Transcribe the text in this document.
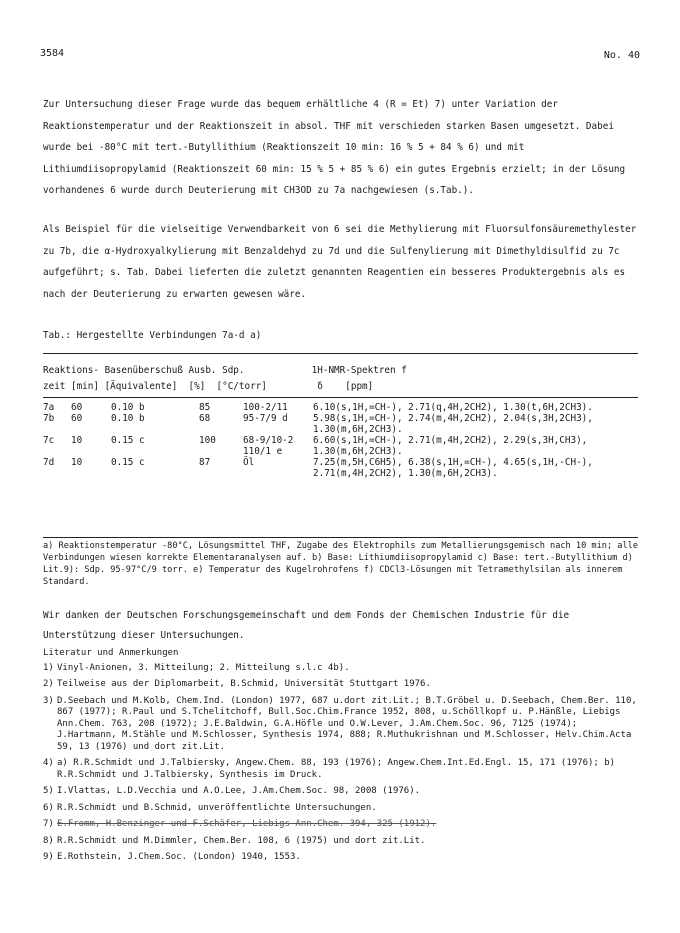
3584	No. 40
Zur Untersuchung dieser Frage wurde das bequem erhältliche 4 (R = Et) 7) unter Variation der Reaktionstemperatur und der Reaktionszeit in absol. THF mit verschieden starken Basen umgesetzt. Dabei wurde bei -80°C mit tert.-Butyllithium (Reaktionszeit 10 min: 16 % 5 + 84 % 6) und mit Lithiumdiisopropylamid (Reaktionszeit 60 min: 15 % 5 + 85 % 6) ein gutes Ergebnis erzielt; in der Lösung vorhandenes 6 wurde durch Deuterierung mit CH3OD zu 7a nachgewiesen (s.Tab.).
Als Beispiel für die vielseitige Verwendbarkeit von 6 sei die Methylierung mit Fluorsulfonsäuremethylester zu 7b, die α-Hydroxyalkylierung mit Benzaldehyd zu 7d und die Sulfenylierung mit Dimethyldisulfid zu 7c aufgeführt; s. Tab. Dabei lieferten die zuletzt genannten Reagentien ein besseres Produktergebnis als es nach der Deuterierung zu erwarten gewesen wäre.
Tab.: Hergestellte Verbindungen 7a-d a)
Reaktions- Basenüberschuß Ausb. Sdp.            1H-NMR-Spektren f
zeit [min] [Äquivalente]  [%]  [°C/torr]         δ    [ppm]
7a	60	0.10 b	85	100-2/11	6.10(s,1H,=CH-), 2.71(q,4H,2CH2), 1.30(t,6H,2CH3).
7b	60	0.10 b	68	95-7/9 d	5.98(s,1H,=CH-), 2.74(m,4H,2CH2), 2.04(s,3H,2CH3), 1.30(m,6H,2CH3).
7c	10	0.15 c	100	68-9/10-2 110/1 e	6.60(s,1H,=CH-), 2.71(m,4H,2CH2), 2.29(s,3H,CH3), 1.30(m,6H,2CH3).
7d	10	0.15 c	87	Öl	7.25(m,5H,C6H5), 6.38(s,1H,=CH-), 4.65(s,1H,-CH-), 2.71(m,4H,2CH2), 1.30(m,6H,2CH3).
a) Reaktionstemperatur -80°C, Lösungsmittel THF, Zugabe des Elektrophils zum Metallierungsgemisch nach 10 min; alle Verbindungen wiesen korrekte Elementaranalysen auf. b) Base: Lithiumdiisopropylamid c) Base: tert.-Butyllithium d) Lit.9): Sdp. 95-97°C/9 torr. e) Temperatur des Kugelrohrofens f) CDCl3-Lösungen mit Tetramethylsilan als innerem Standard.
Wir danken der Deutschen Forschungsgemeinschaft und dem Fonds der Chemischen Industrie für die Unterstützung dieser Untersuchungen.
Literatur und Anmerkungen
1) Vinyl-Anionen, 3. Mitteilung; 2. Mitteilung s.l.c 4b).
2) Teilweise aus der Diplomarbeit, B.Schmid, Universität Stuttgart 1976.
3) D.Seebach und M.Kolb, Chem.Ind. (London) 1977, 687 u.dort zit.Lit.; B.T.Gröbel u. D.Seebach, Chem.Ber. 110, 867 (1977); R.Paul und S.Tchelitchoff, Bull.Soc.Chim.France 1952, 808, u.Schöllkopf u. P.Hänßle, Liebigs Ann.Chem. 763, 208 (1972); J.E.Baldwin, G.A.Höfle und O.W.Lever, J.Am.Chem.Soc. 96, 7125 (1974); J.Hartmann, M.Stähle und M.Schlosser, Synthesis 1974, 888; R.Muthukrishnan und M.Schlosser, Helv.Chim.Acta 59, 13 (1976) und dort zit.Lit.
4) a) R.R.Schmidt und J.Talbiersky, Angew.Chem. 88, 193 (1976); Angew.Chem.Int.Ed.Engl. 15, 171 (1976); b) R.R.Schmidt und J.Talbiersky, Synthesis im Druck.
5) I.Vlattas, L.D.Vecchia und A.O.Lee, J.Am.Chem.Soc. 98, 2008 (1976).
6) R.R.Schmidt und B.Schmid, unveröffentlichte Untersuchungen.
7) E.Fromm, H.Benzinger und F.Schäfer, Liebigs Ann.Chem. 394, 325 (1912).
8) R.R.Schmidt und M.Dimmler, Chem.Ber. 108, 6 (1975) und dort zit.Lit.
9) E.Rothstein, J.Chem.Soc. (London) 1940, 1553.
